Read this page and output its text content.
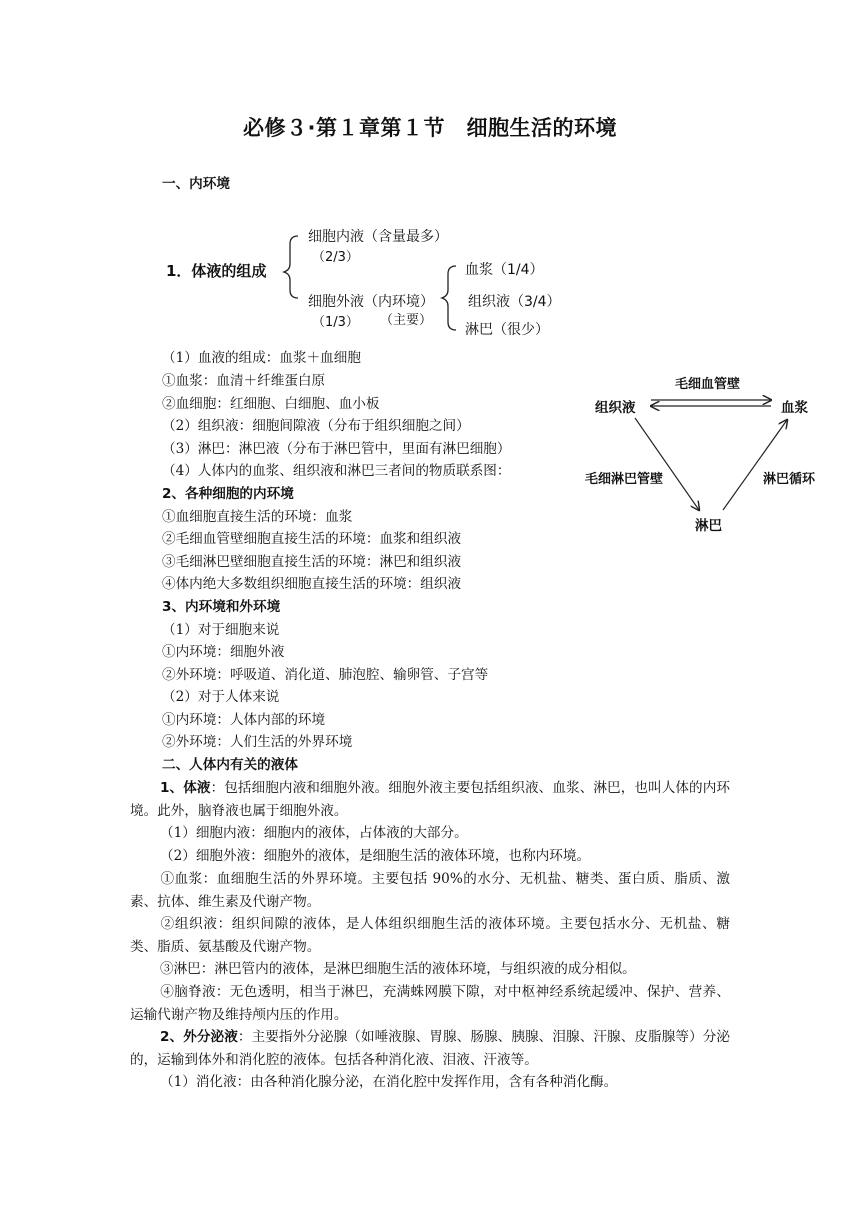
必修３·第１章第１节　细胞生活的环境
一、内环境
1．体液的组成
细胞内液（含量最多）
（2/3）
细胞外液（内环境）
（1/3） （主要）
血浆（1/4）
组织液（3/4）
淋巴（很少）
毛细血管壁
组织液	血浆
毛细淋巴管壁	淋巴循环
淋巴
（1）血液的组成：血浆＋血细胞
①血浆：血清＋纤维蛋白原
②血细胞：红细胞、白细胞、血小板
（2）组织液：细胞间隙液（分布于组织细胞之间）
（3）淋巴：淋巴液（分布于淋巴管中，里面有淋巴细胞）
（4）人体内的血浆、组织液和淋巴三者间的物质联系图：
2、各种细胞的内环境
①血细胞直接生活的环境：血浆
②毛细血管壁细胞直接生活的环境：血浆和组织液
③毛细淋巴壁细胞直接生活的环境：淋巴和组织液
④体内绝大多数组织细胞直接生活的环境：组织液
3、内环境和外环境
（1）对于细胞来说
①内环境：细胞外液
②外环境：呼吸道、消化道、肺泡腔、输卵管、子宫等
（2）对于人体来说
①内环境：人体内部的环境
②外环境：人们生活的外界环境
二、人体内有关的液体
1、体液：包括细胞内液和细胞外液。细胞外液主要包括组织液、血浆、淋巴，也叫人体的内环境。此外，脑脊液也属于细胞外液。
（1）细胞内液：细胞内的液体，占体液的大部分。
（2）细胞外液：细胞外的液体，是细胞生活的液体环境，也称内环境。
①血浆：血细胞生活的外界环境。主要包括 90%的水分、无机盐、糖类、蛋白质、脂质、激素、抗体、维生素及代谢产物。
②组织液：组织间隙的液体，是人体组织细胞生活的液体环境。主要包括水分、无机盐、糖类、脂质、氨基酸及代谢产物。
③淋巴：淋巴管内的液体，是淋巴细胞生活的液体环境，与组织液的成分相似。
④脑脊液：无色透明，相当于淋巴，充满蛛网膜下隙，对中枢神经系统起缓冲、保护、营养、运输代谢产物及维持颅内压的作用。
2、外分泌液：主要指外分泌腺（如唾液腺、胃腺、肠腺、胰腺、泪腺、汗腺、皮脂腺等）分泌的，运输到体外和消化腔的液体。包括各种消化液、泪液、汗液等。
（1）消化液：由各种消化腺分泌，在消化腔中发挥作用，含有各种消化酶。
